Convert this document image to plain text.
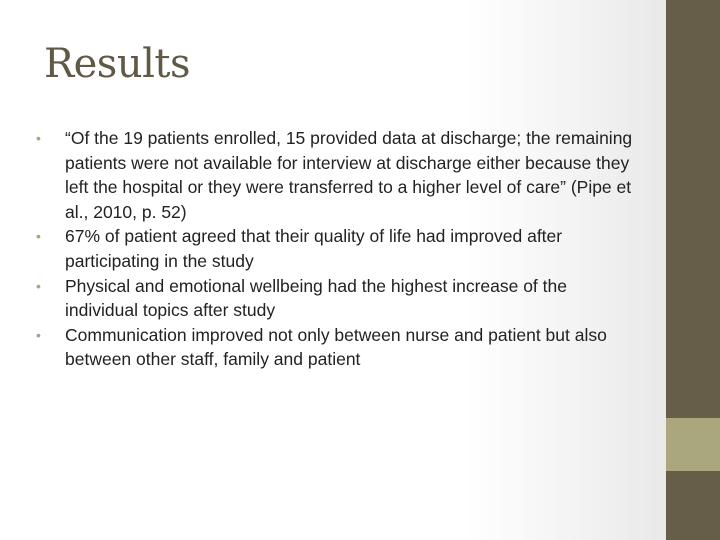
Results
• “Of the 19 patients enrolled, 15 provided data at discharge; the remaining patients were not available for interview at discharge either because they left the hospital or they were transferred to a higher level of care” (Pipe et al., 2010, p. 52)
• 67% of patient agreed that their quality of life had improved after participating in the study
• Physical and emotional wellbeing had the highest increase of the individual topics after study
• Communication improved not only between nurse and patient but also between other staff, family and patient
